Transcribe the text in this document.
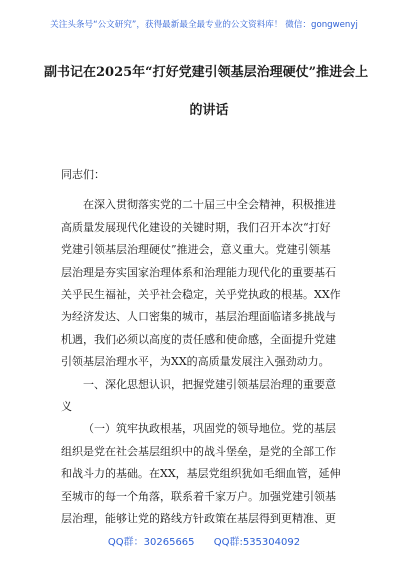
关注头条号“公文研究”，获得最新最全最专业的公文资料库！ 微信：gongwenyj
副书记在2025年“打好党建引领基层治理硬仗”推进会上
的讲话
同志们：
在深入贯彻落实党的二十届三中全会精神，积极推进
高质量发展现代化建设的关键时期，我们召开本次“打好
党建引领基层治理硬仗”推进会，意义重大。党建引领基
层治理是夯实国家治理体系和治理能力现代化的重要基石
关乎民生福祉，关乎社会稳定，关乎党执政的根基。XX作
为经济发达、人口密集的城市，基层治理面临诸多挑战与
机遇，我们必须以高度的责任感和使命感，全面提升党建
引领基层治理水平，为XX的高质量发展注入强劲动力。
一、深化思想认识，把握党建引领基层治理的重要意
义
（一）筑牢执政根基，巩固党的领导地位。党的基层
组织是党在社会基层组织中的战斗堡垒，是党的全部工作
和战斗力的基础。在XX，基层党组织犹如毛细血管，延伸
至城市的每一个角落，联系着千家万户。加强党建引领基
层治理，能够让党的路线方针政策在基层得到更精准、更
QQ群：30265665 QQ群:535304092
